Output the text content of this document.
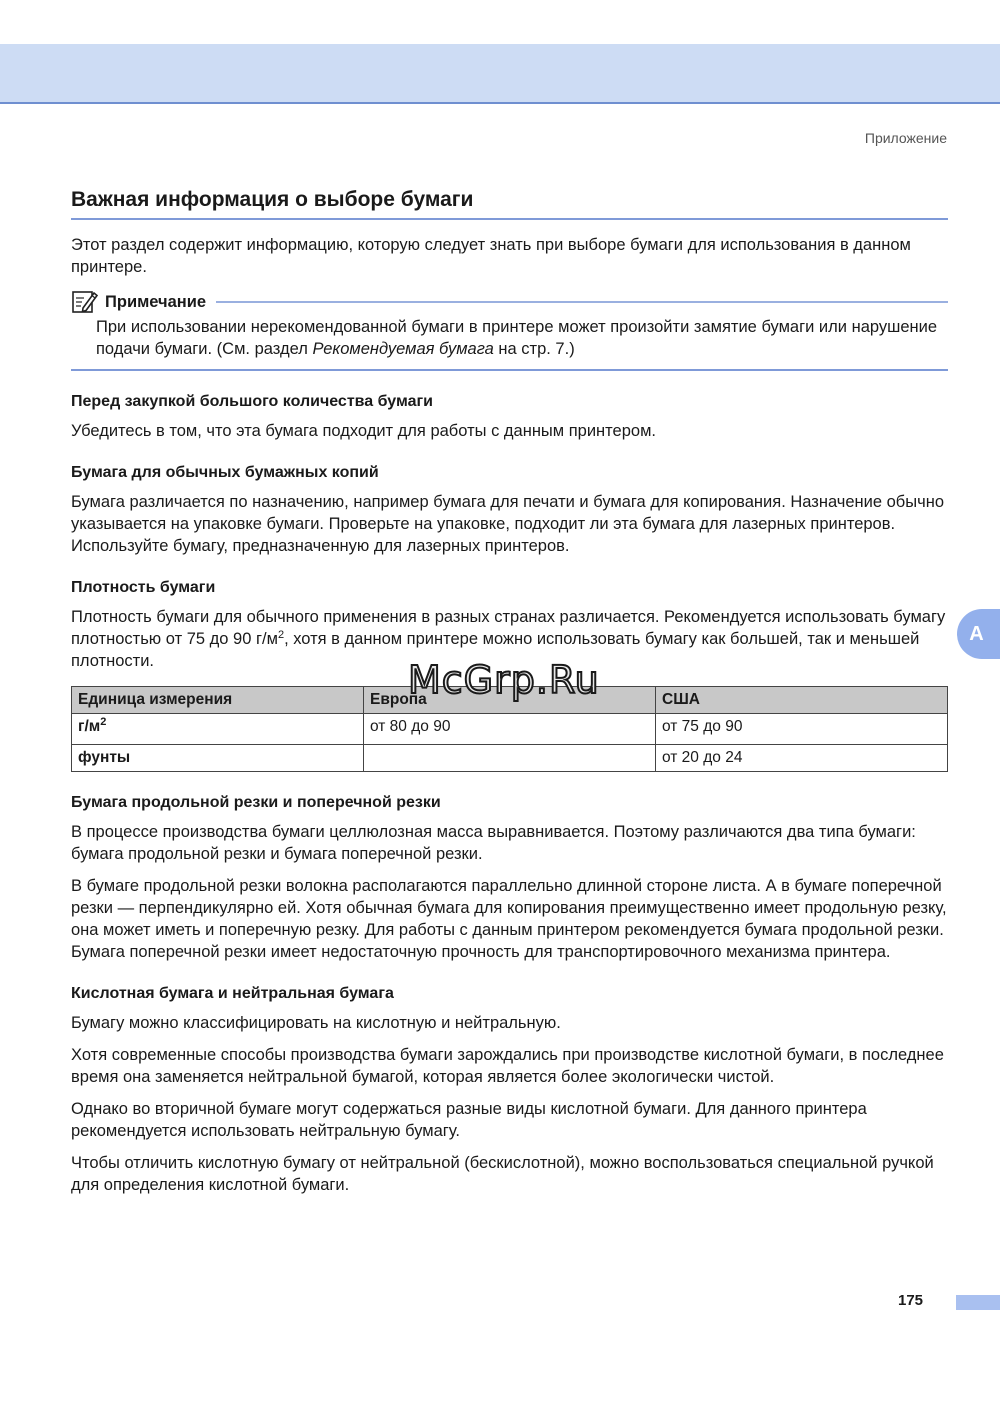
Приложение
Важная информация о выборе бумаги

Этот раздел содержит информацию, которую следует знать при выборе бумаги для использования в данном принтере.

Примечание

При использовании нерекомендованной бумаги в принтере может произойти замятие бумаги или нарушение подачи бумаги. (См. раздел Рекомендуемая бумага на стр. 7.)

Перед закупкой большого количества бумаги

Убедитесь в том, что эта бумага подходит для работы с данным принтером.

Бумага для обычных бумажных копий

Бумага различается по назначению, например бумага для печати и бумага для копирования. Назначение обычно указывается на упаковке бумаги. Проверьте на упаковке, подходит ли эта бумага для лазерных принтеров. Используйте бумагу, предназначенную для лазерных принтеров.

Плотность бумаги

Плотность бумаги для обычного применения в разных странах различается. Рекомендуется использовать бумагу плотностью от 75 до 90 $г/м^2$, хотя в данном принтере можно использовать бумагу как большей, так и меньшей плотности.

Единица измерения	Европа	США
$г/м^2$	от 80 до 90	от 75 до 90
фунты		от 20 до 24
Бумага продольной резки и поперечной резки

В процессе производства бумаги целлюлозная масса выравнивается. Поэтому различаются два типа бумаги: бумага продольной резки и бумага поперечной резки.

В бумаге продольной резки волокна располагаются параллельно длинной стороне листа. А в бумаге поперечной резки — перпендикулярно ей. Хотя обычная бумага для копирования преимущественно имеет продольную резку, она может иметь и поперечную резку. Для работы с данным принтером рекомендуется бумага продольной резки. Бумага поперечной резки имеет недостаточную прочность для транспортировочного механизма принтера.

Кислотная бумага и нейтральная бумага

Бумагу можно классифицировать на кислотную и нейтральную.

Хотя современные способы производства бумаги зарождались при производстве кислотной бумаги, в последнее время она заменяется нейтральной бумагой, которая является более экологически чистой.

Однако во вторичной бумаге могут содержаться разные виды кислотной бумаги. Для данного принтера рекомендуется использовать нейтральную бумагу.

Чтобы отличить кислотную бумагу от нейтральной (бескислотной), можно воспользоваться специальной ручкой для определения кислотной бумаги.

A
McGrp.Ru
175
